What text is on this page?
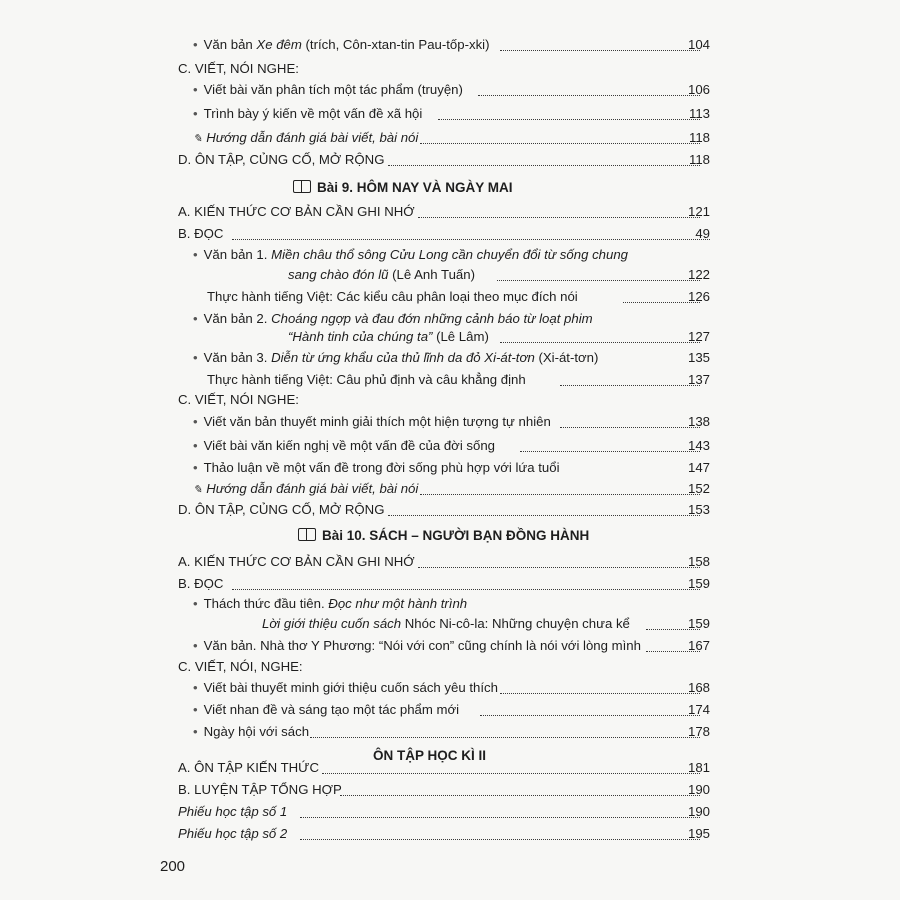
• Văn bản Xe đêm (trích, Côn-xtan-tin Pau-tốp-xki)	104
C. VIẾT, NÓI NGHE:
• Viết bài văn phân tích một tác phẩm (truyện)	106
• Trình bày ý kiến về một vấn đề xã hội	113
✎ Hướng dẫn đánh giá bài viết, bài nói	118
D. ÔN TẬP, CỦNG CỐ, MỞ RỘNG	118
Bài 9. HÔM NAY VÀ NGÀY MAI
A. KIẾN THỨC CƠ BẢN CẦN GHI NHỚ	121
B. ĐỌC	49
• Văn bản 1. Miền châu thổ sông Cửu Long cần chuyển đổi từ sống chung
sang chào đón lũ (Lê Anh Tuấn)	122
Thực hành tiếng Việt: Các kiểu câu phân loại theo mục đích nói	126
• Văn bản 2. Choáng ngợp và đau đớn những cảnh báo từ loạt phim
“Hành tinh của chúng ta” (Lê Lâm)	127
• Văn bản 3. Diễn từ ứng khẩu của thủ lĩnh da đỏ Xi-át-tơn (Xi-át-tơn)	135
Thực hành tiếng Việt: Câu phủ định và câu khẳng định	137
C. VIẾT, NÓI NGHE:
• Viết văn bản thuyết minh giải thích một hiện tượng tự nhiên	138
• Viết bài văn kiến nghị về một vấn đề của đời sống	143
• Thảo luận về một vấn đề trong đời sống phù hợp với lứa tuổi	147
✎ Hướng dẫn đánh giá bài viết, bài nói	152
D. ÔN TẬP, CỦNG CỐ, MỞ RỘNG	153
Bài 10. SÁCH – NGƯỜI BẠN ĐỒNG HÀNH
A. KIẾN THỨC CƠ BẢN CẦN GHI NHỚ	158
B. ĐỌC	159
• Thách thức đầu tiên. Đọc như một hành trình
Lời giới thiệu cuốn sách Nhóc Ni-cô-la: Những chuyện chưa kể	159
• Văn bản. Nhà thơ Y Phương: “Nói với con” cũng chính là nói với lòng mình	167
C. VIẾT, NÓI, NGHE:
• Viết bài thuyết minh giới thiệu cuốn sách yêu thích	168
• Viết nhan đề và sáng tạo một tác phẩm mới	174
• Ngày hội với sách	178
ÔN TẬP HỌC KÌ II
A. ÔN TẬP KIẾN THỨC	181
B. LUYỆN TẬP TỔNG HỢP	190
Phiếu học tập số 1	190
Phiếu học tập số 2	195
200
